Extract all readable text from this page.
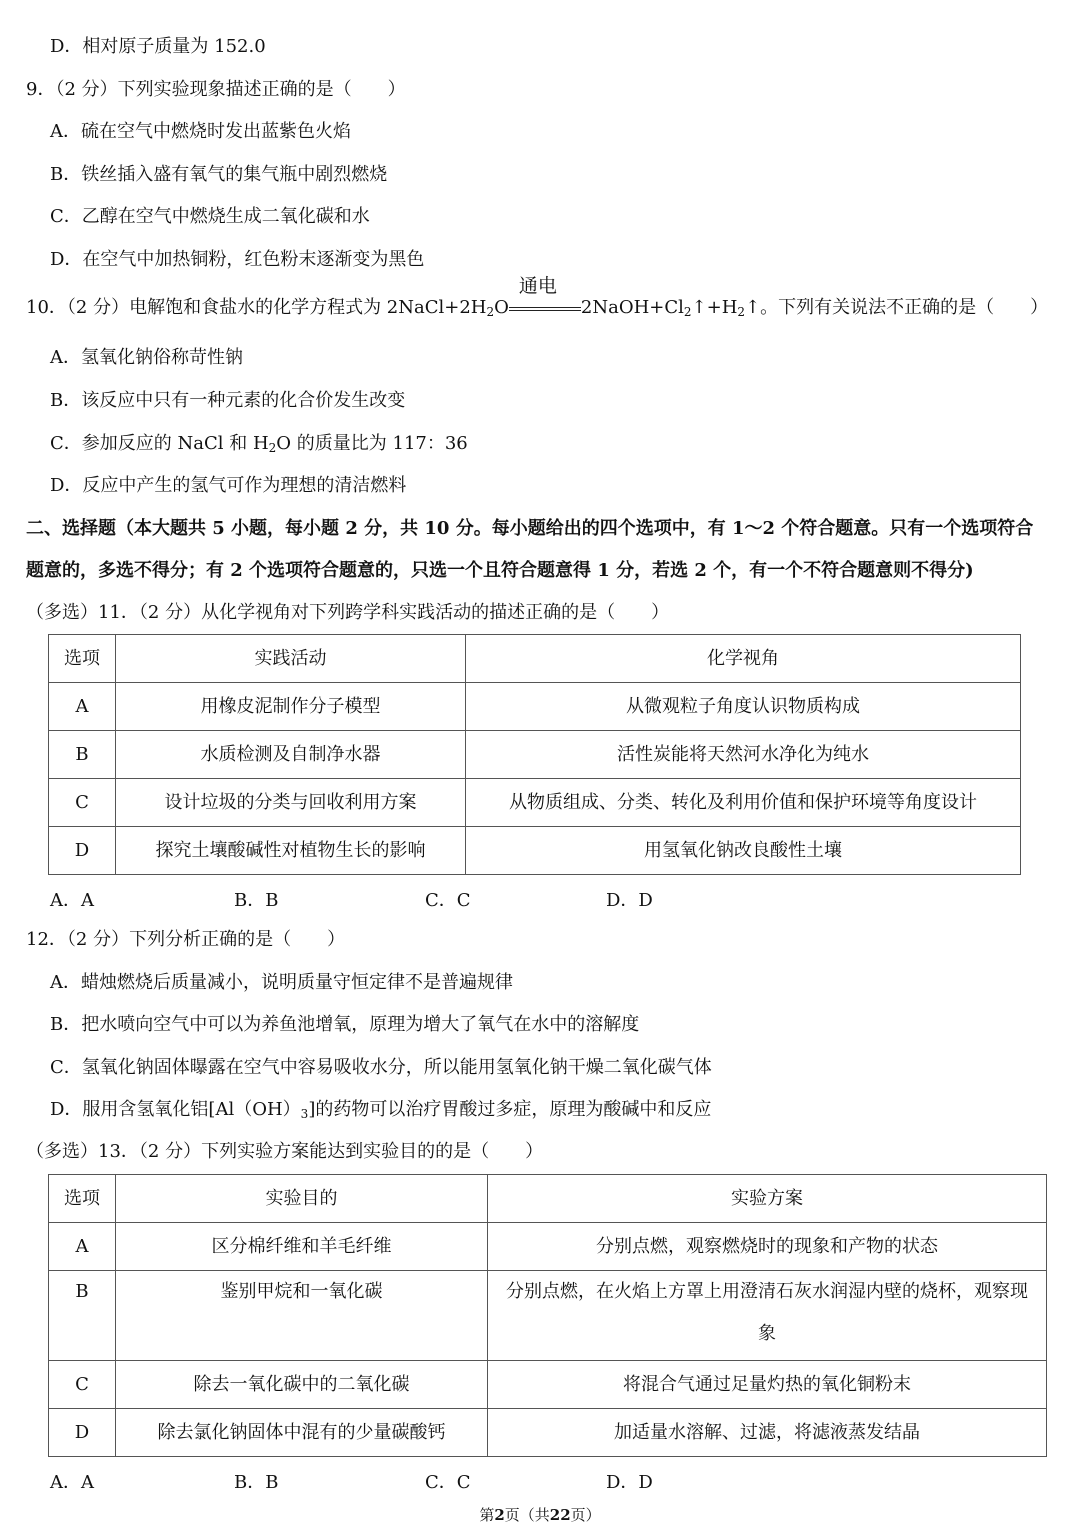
D．相对原子质量为 152.0
9．（2 分）下列实验现象描述正确的是（　　）
A．硫在空气中燃烧时发出蓝紫色火焰
B．铁丝插入盛有氧气的集气瓶中剧烈燃烧
C．乙醇在空气中燃烧生成二氧化碳和水
D．在空气中加热铜粉，红色粉末逐渐变为黑色
10．（2 分）电解饱和食盐水的化学方程式为 $2NaCl+2H_2O$
通电
$2NaOH+Cl_2↑+H_2↑$。下列有关说法不正确的是（　　）
A．氢氧化钠俗称苛性钠
B．该反应中只有一种元素的化合价发生改变
C．参加反应的 NaCl 和 $H_2O$ 的质量比为 117：36
D．反应中产生的氢气可作为理想的清洁燃料
二、选择题（本大题共 5 小题，每小题 2 分，共 10 分。每小题给出的四个选项中，有 1～2 个符合题意。只有一个选项符合
题意的，多选不得分；有 2 个选项符合题意的，只选一个且符合题意得 1 分，若选 2 个，有一个不符合题意则不得分)
（多选）11．（2 分）从化学视角对下列跨学科实践活动的描述正确的是（　　）
选项	实践活动	化学视角
A	用橡皮泥制作分子模型	从微观粒子角度认识物质构成
B	水质检测及自制净水器	活性炭能将天然河水净化为纯水
C	设计垃圾的分类与回收利用方案	从物质组成、分类、转化及利用价值和保护环境等角度设计
D	探究土壤酸碱性对植物生长的影响	用氢氧化钠改良酸性土壤
A．A	B．B	C．C	D．D
12．（2 分）下列分析正确的是（　　）
A．蜡烛燃烧后质量减小，说明质量守恒定律不是普遍规律
B．把水喷向空气中可以为养鱼池增氧，原理为增大了氧气在水中的溶解度
C．氢氧化钠固体曝露在空气中容易吸收水分，所以能用氢氧化钠干燥二氧化碳气体
D．服用含氢氧化铝$[Al(OH)_3]$的药物可以治疗胃酸过多症，原理为酸碱中和反应
（多选）13．（2 分）下列实验方案能达到实验目的的是（　　）
选项	实验目的	实验方案
A	区分棉纤维和羊毛纤维	分别点燃，观察燃烧时的现象和产物的状态
B	鉴别甲烷和一氧化碳	分别点燃，在火焰上方罩上用澄清石灰水润湿内壁的烧杯，观察现
象

C	除去一氧化碳中的二氧化碳	将混合气通过足量灼热的氧化铜粉末
D	除去氯化钠固体中混有的少量碳酸钙	加适量水溶解、过滤，将滤液蒸发结晶
A．A	B．B	C．C	D．D
第2页（共22页）
